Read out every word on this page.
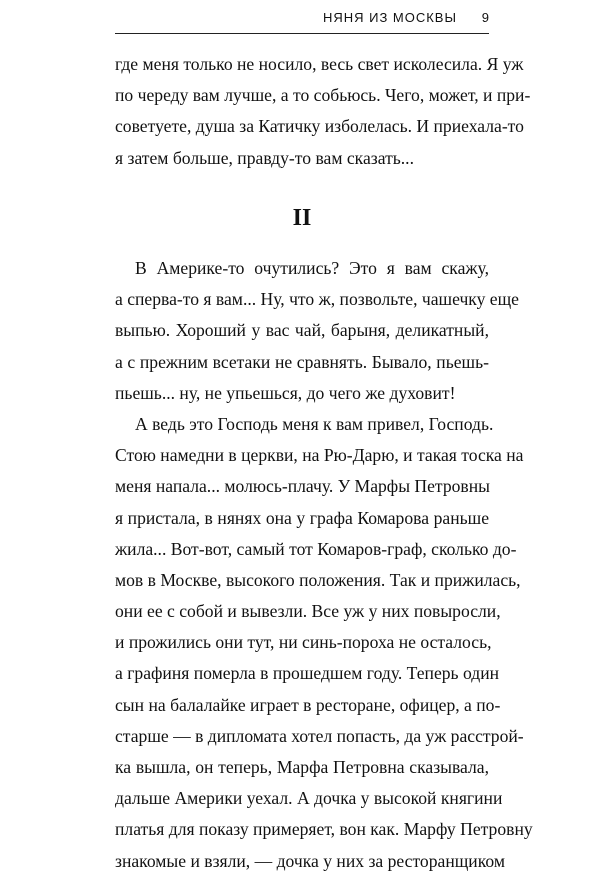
НЯНЯ ИЗ МОСКВЫ 9
где меня только не носило, весь свет исколесила. Я уж
по череду вам лучше, а то собьюсь. Чего, может, и при-
советуете, душа за Катичку изболелась. И приехала-то
я затем больше, правду-то вам сказать...
II
В Америке-то очутились? Это я вам скажу,
а сперва-то я вам... Ну, что ж, позвольте, чашечку еще
выпью. Хороший у вас чай, барыня, деликатный,
а с прежним всетаки не сравнять. Бывало, пьешь-
пьешь... ну, не упьешься, до чего же духовит!
А ведь это Господь меня к вам привел, Господь.
Стою намедни в церкви, на Рю-Дарю, и такая тоска на
меня напала... молюсь-плачу. У Марфы Петровны
я пристала, в нянях она у графа Комарова раньше
жила... Вот-вот, самый тот Комаров-граф, сколько до-
мов в Москве, высокого положения. Так и прижилась,
они ее с собой и вывезли. Все уж у них повыросли,
и прожились они тут, ни синь-пороха не осталось,
а графиня померла в прошедшем году. Теперь один
сын на балалайке играет в ресторане, офицер, а по-
старше — в дипломата хотел попасть, да уж расстрой-
ка вышла, он теперь, Марфа Петровна сказывала,
дальше Америки уехал. А дочка у высокой княгини
платья для показу примеряет, вон как. Марфу Петровну
знакомые и взяли, — дочка у них за ресторанщиком
